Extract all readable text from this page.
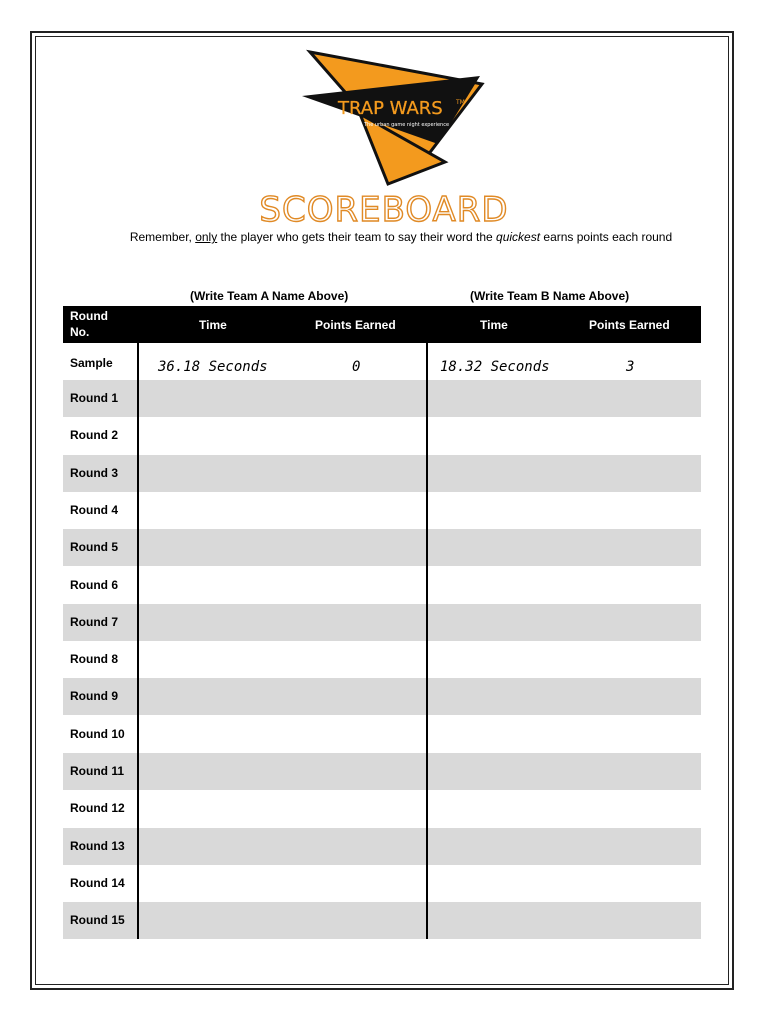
TRAP WARS TM
The urban game night experience
SCOREBOARD
Remember, only the player who gets their team to say their word the quickest earns points each round
(Write Team A Name Above)	(Write Team B Name Above)
Round
No.	Time	Points Earned	Time	Points Earned
Sample	36.18 Seconds	0	18.32 Seconds	3
Round 1
Round 2
Round 3
Round 4
Round 5
Round 6
Round 7
Round 8
Round 9
Round 10
Round 11
Round 12
Round 13
Round 14
Round 15
